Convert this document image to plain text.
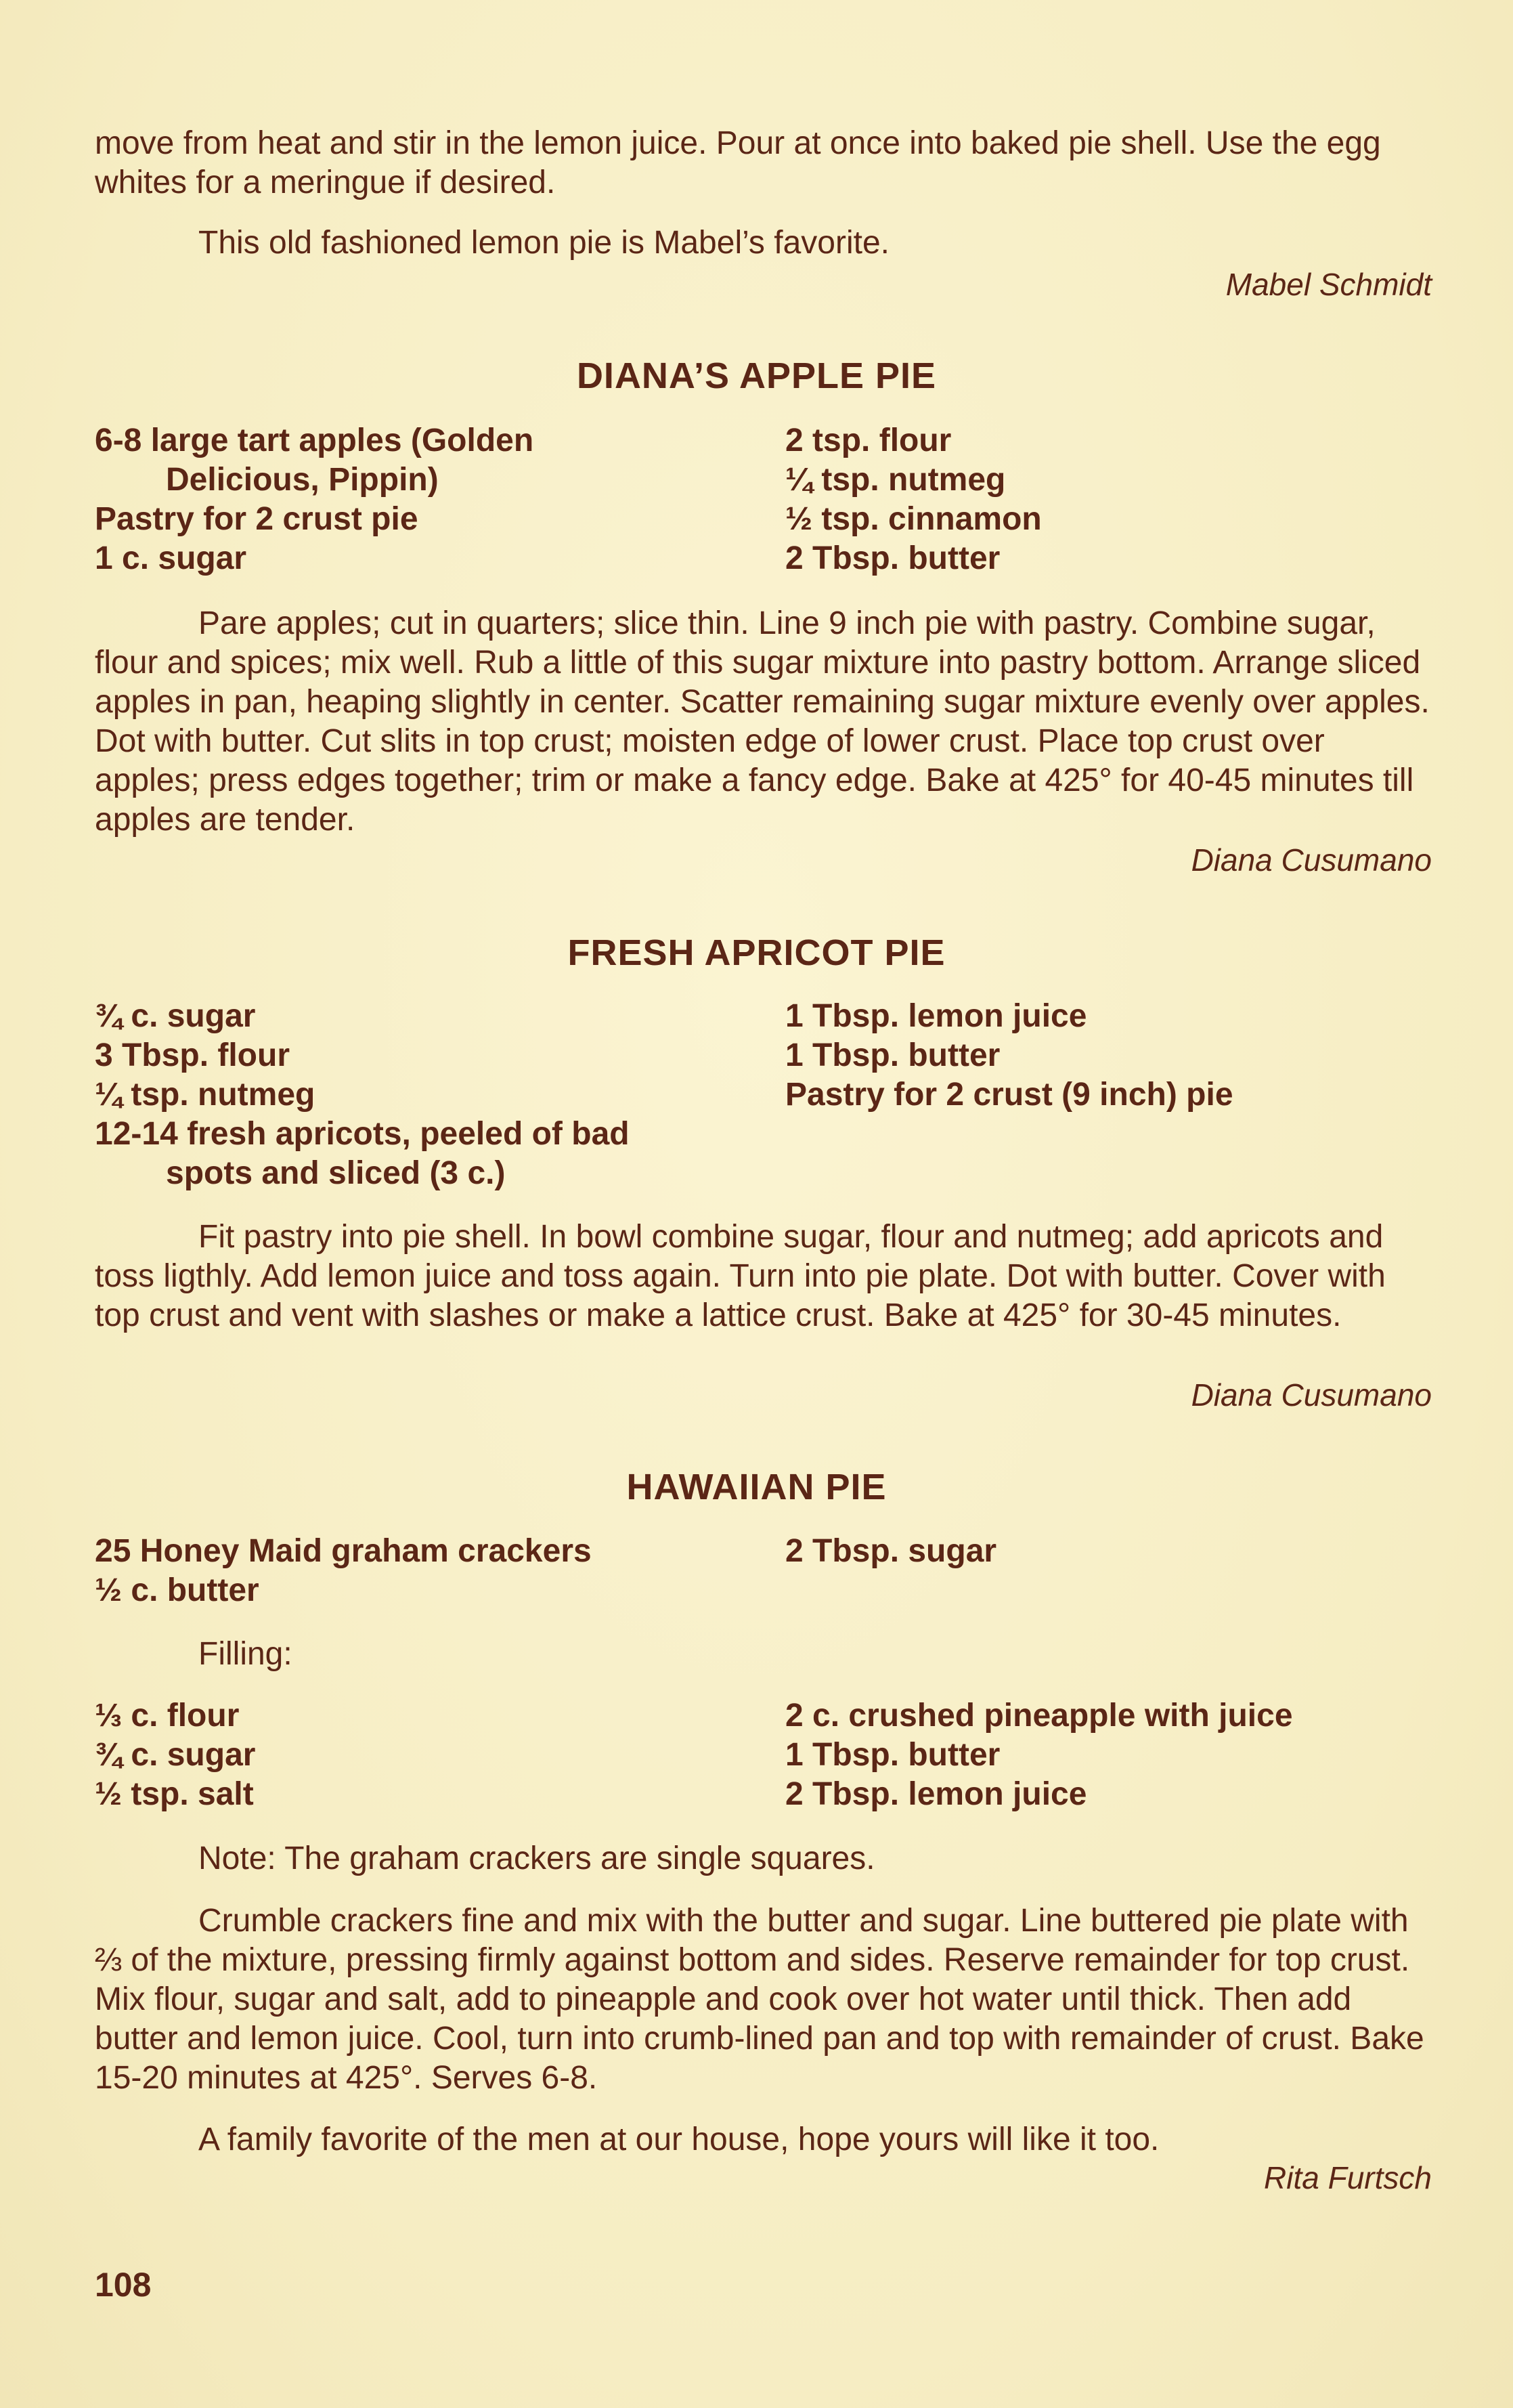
move from heat and stir in the lemon juice. Pour at once into baked pie shell. Use the egg whites for a meringue if desired.

This old fashioned lemon pie is Mabel’s favorite.

Mabel Schmidt
DIANA’S APPLE PIE
6-8 large tart apples (Golden
Delicious, Pippin)
Pastry for 2 crust pie
1 c. sugar
2 tsp. flour
¼ tsp. nutmeg
½ tsp. cinnamon
2 Tbsp. butter

Pare apples; cut in quarters; slice thin. Line 9 inch pie with pastry. Combine sugar, flour and spices; mix well. Rub a little of this sugar mixture into pastry bottom. Arrange sliced apples in pan, heaping slightly in center. Scatter remaining sugar mixture evenly over apples. Dot with butter. Cut slits in top crust; moisten edge of lower crust. Place top crust over apples; press edges together; trim or make a fancy edge. Bake at 425° for 40-45 minutes till apples are tender.

Diana Cusumano
FRESH APRICOT PIE
¾ c. sugar
3 Tbsp. flour
¼ tsp. nutmeg
12-14 fresh apricots, peeled of bad
spots and sliced (3 c.)
1 Tbsp. lemon juice
1 Tbsp. butter
Pastry for 2 crust (9 inch) pie

Fit pastry into pie shell. In bowl combine sugar, flour and nutmeg; add apricots and toss ligthly. Add lemon juice and toss again. Turn into pie plate. Dot with butter. Cover with top crust and vent with slashes or make a lattice crust. Bake at 425° for 30-45 minutes.

Diana Cusumano
HAWAIIAN PIE
25 Honey Maid graham crackers
½ c. butter
2 Tbsp. sugar
Filling:
⅓ c. flour
¾ c. sugar
½ tsp. salt
2 c. crushed pineapple with juice
1 Tbsp. butter
2 Tbsp. lemon juice
Note: The graham crackers are single squares.

Crumble crackers fine and mix with the butter and sugar. Line buttered pie plate with ⅔ of the mixture, pressing firmly against bottom and sides. Reserve remainder for top crust. Mix flour, sugar and salt, add to pineapple and cook over hot water until thick. Then add butter and lemon juice. Cool, turn into crumb-lined pan and top with remainder of crust. Bake 15-20 minutes at 425°. Serves 6-8.

A family favorite of the men at our house, hope yours will like it too.
Rita Furtsch
108
